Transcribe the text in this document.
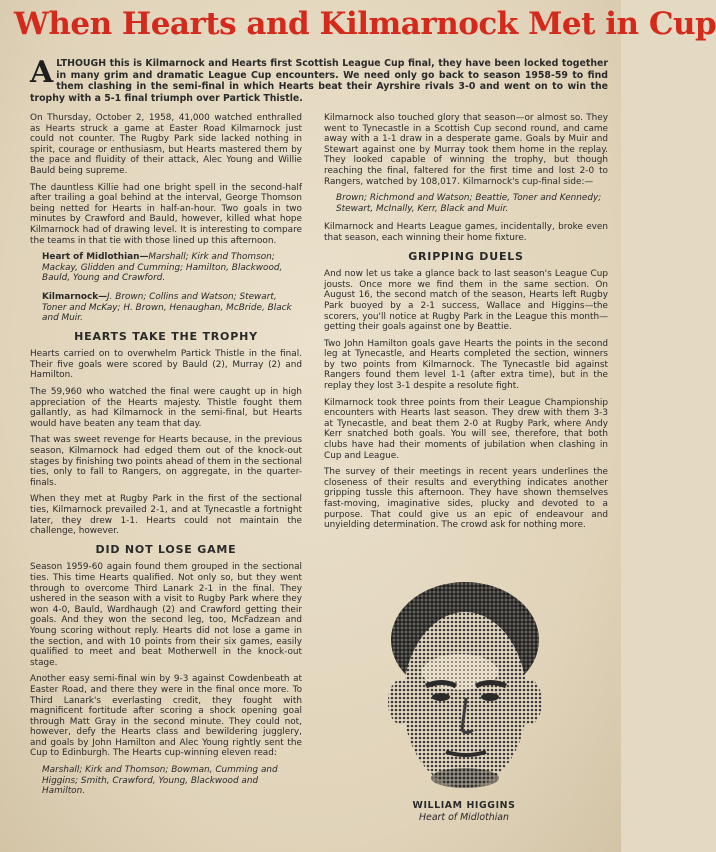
When Hearts and Kilmarnock Met in Cup

ALTHOUGH this is Kilmarnock and Hearts first Scottish League Cup final, they have been locked together in many grim and dramatic League Cup encounters. We need only go back to season 1958-59 to find them clashing in the semi-final in which Hearts beat their Ayrshire rivals 3-0 and went on to win the trophy with a 5-1 final triumph over Partick Thistle.

On Thursday, October 2, 1958, 41,000 watched enthralled as Hearts struck a game at Easter Road Kilmarnock just could not counter. The Rugby Park side lacked nothing in spirit, courage or enthusiasm, but Hearts mastered them by the pace and fluidity of their attack, Alec Young and Willie Bauld being supreme.

The dauntless Killie had one bright spell in the second-half after trailing a goal behind at the interval, George Thomson being netted for Hearts in half-an-hour. Two goals in two minutes by Crawford and Bauld, however, killed what hope Kilmarnock had of drawing level. It is interesting to compare the teams in that tie with those lined up this afternoon.

Heart of Midlothian—Marshall; Kirk and Thomson; Mackay, Glidden and Cumming; Hamilton, Blackwood, Bauld, Young and Crawford.

Kilmarnock—J. Brown; Collins and Watson; Stewart, Toner and McKay; H. Brown, Henaughan, McBride, Black and Muir.

HEARTS TAKE THE TROPHY

Hearts carried on to overwhelm Partick Thistle in the final. Their five goals were scored by Bauld (2), Murray (2) and Hamilton.

The 59,960 who watched the final were caught up in high appreciation of the Hearts majesty. Thistle fought them gallantly, as had Kilmarnock in the semi-final, but Hearts would have beaten any team that day.

That was sweet revenge for Hearts because, in the previous season, Kilmarnock had edged them out of the knock-out stages by finishing two points ahead of them in the sectional ties, only to fall to Rangers, on aggregate, in the quarter-finals.

When they met at Rugby Park in the first of the sectional ties, Kilmarnock prevailed 2-1, and at Tynecastle a fortnight later, they drew 1-1. Hearts could not maintain the challenge, however.

DID NOT LOSE GAME

Season 1959-60 again found them grouped in the sectional ties. This time Hearts qualified. Not only so, but they went through to overcome Third Lanark 2-1 in the final. They ushered in the season with a visit to Rugby Park where they won 4-0, Bauld, Wardhaugh (2) and Crawford getting their goals. And they won the second leg, too, McFadzean and Young scoring without reply. Hearts did not lose a game in the section, and with 10 points from their six games, easily qualified to meet and beat Motherwell in the knock-out stage.

Another easy semi-final win by 9-3 against Cowdenbeath at Easter Road, and there they were in the final once more. To Third Lanark's everlasting credit, they fought with magnificent fortitude after scoring a shock opening goal through Matt Gray in the second minute. They could not, however, defy the Hearts class and bewildering jugglery, and goals by John Hamilton and Alec Young rightly sent the Cup to Edinburgh. The Hearts cup-winning eleven read:

Marshall; Kirk and Thomson; Bowman, Cumming and Higgins; Smith, Crawford, Young, Blackwood and Hamilton.

Kilmarnock also touched glory that season—or almost so. They went to Tynecastle in a Scottish Cup second round, and came away with a 1-1 draw in a desperate game. Goals by Muir and Stewart against one by Murray took them home in the replay. They looked capable of winning the trophy, but though reaching the final, faltered for the first time and lost 2-0 to Rangers, watched by 108,017. Kilmarnock's cup-final side:—

Brown; Richmond and Watson; Beattie, Toner and Kennedy; Stewart, McInally, Kerr, Black and Muir.

Kilmarnock and Hearts League games, incidentally, broke even that season, each winning their home fixture.

GRIPPING DUELS

And now let us take a glance back to last season's League Cup jousts. Once more we find them in the same section. On August 16, the second match of the season, Hearts left Rugby Park buoyed by a 2-1 success, Wallace and Higgins—the scorers, you'll notice at Rugby Park in the League this month—getting their goals against one by Beattie.

Two John Hamilton goals gave Hearts the points in the second leg at Tynecastle, and Hearts completed the section, winners by two points from Kilmarnock. The Tynecastle bid against Rangers found them level 1-1 (after extra time), but in the replay they lost 3-1 despite a resolute fight.

Kilmarnock took three points from their League Championship encounters with Hearts last season. They drew with them 3-3 at Tynecastle, and beat them 2-0 at Rugby Park, where Andy Kerr snatched both goals. You will see, therefore, that both clubs have had their moments of jubilation when clashing in Cup and League.

The survey of their meetings in recent years underlines the closeness of their results and everything indicates another gripping tussle this afternoon. They have shown themselves fast-moving, imaginative sides, plucky and devoted to a purpose. That could give us an epic of endeavour and unyielding determination. The crowd ask for nothing more.

WILLIAM HIGGINS
Heart of Midlothian
